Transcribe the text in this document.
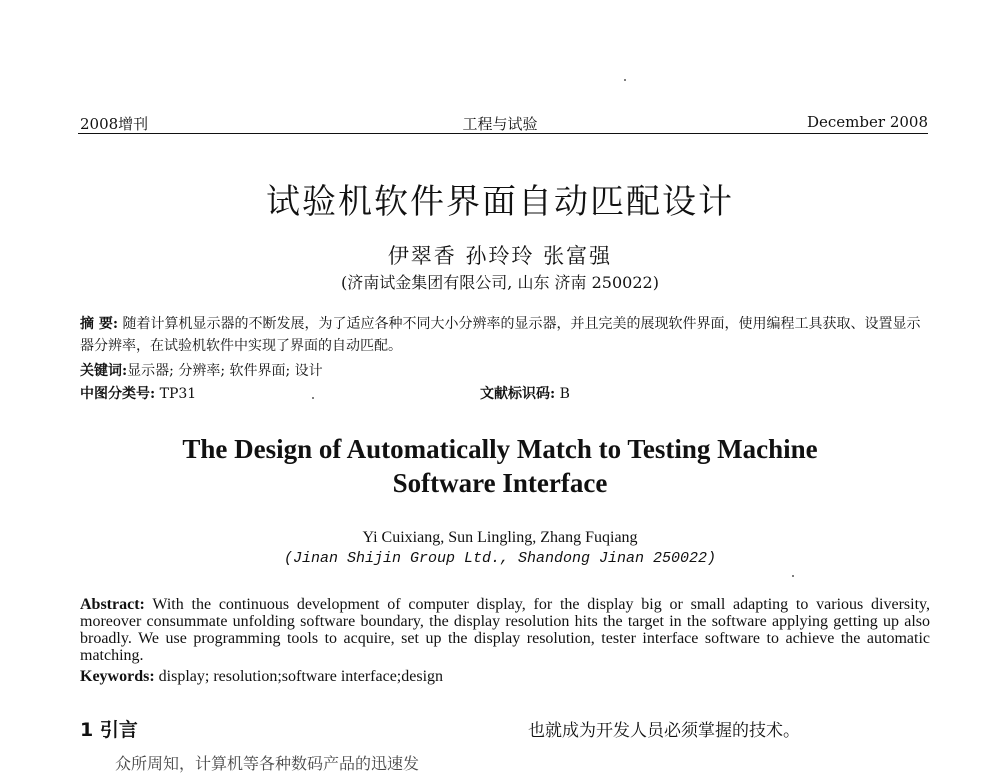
2008增刊	工程与试验	December 2008
试验机软件界面自动匹配设计
伊翠香 孙玲玲 张富强
(济南试金集团有限公司, 山东 济南 250022)
摘 要: 随着计算机显示器的不断发展，为了适应各种不同大小分辨率的显示器，并且完美的展现软件界面，使用编程工具获取、设置显示器分辨率，在试验机软件中实现了界面的自动匹配。
关键词:显示器; 分辨率; 软件界面; 设计
中图分类号: TP31	文献标识码: B
The Design of Automatically Match to Testing Machine
Software Interface
Yi Cuixiang, Sun Lingling, Zhang Fuqiang
(Jinan Shijin Group Ltd., Shandong Jinan 250022)
Abstract: With the continuous development of computer display, for the display big or small adapting to various diversity, moreover consummate unfolding software boundary, the display resolution hits the target in the software applying getting up also broadly. We use programming tools to acquire, set up the display resolution, tester interface software to achieve the automatic matching.
Keywords: display; resolution;software interface;design
1 引言	也就成为开发人员必须掌握的技术。
众所周知，计算机等各种数码产品的迅速发
